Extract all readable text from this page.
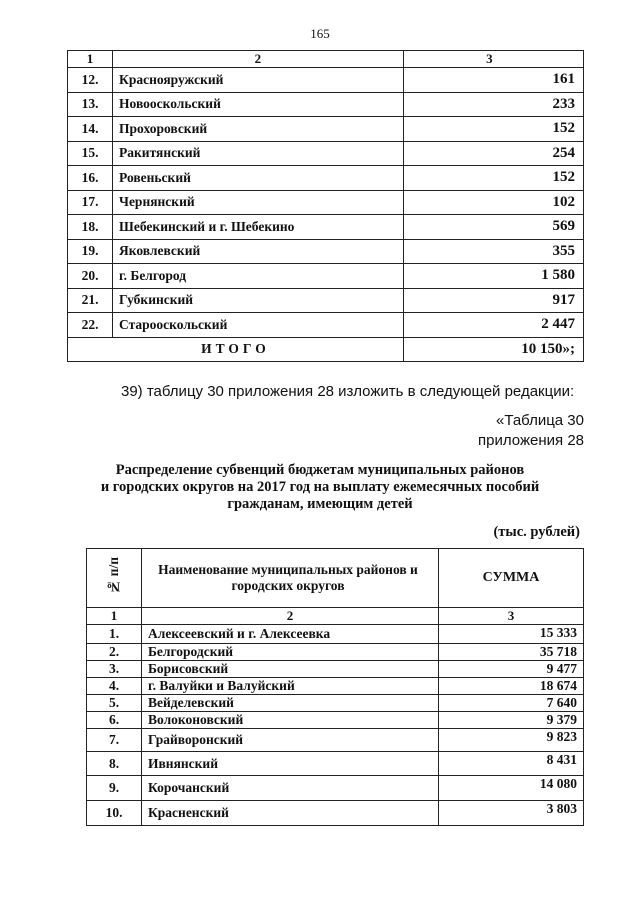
165
1	2	3
12.	Краснояружский	161
13.	Новооскольский	233
14.	Прохоровский	152
15.	Ракитянский	254
16.	Ровеньский	152
17.	Чернянский	102
18.	Шебекинский и г. Шебекино	569
19.	Яковлевский	355
20.	г. Белгород	1 580
21.	Губкинский	917
22.	Старооскольский	2 447
ИТОГО		10 150»;
39) таблицу 30 приложения 28 изложить в следующей редакции:
«Таблица 30
приложения 28
Распределение субвенций бюджетам муниципальных районов
и городских округов на 2017 год на выплату ежемесячных пособий
гражданам, имеющим детей
(тыс. рублей)
№ п/п	Наименование муниципальных районов и городских округов	СУММА
1	2	3
1.	Алексеевский и г. Алексеевка	15 333
2.	Белгородский	35 718
3.	Борисовский	9 477
4.	г. Валуйки и Валуйский	18 674
5.	Вейделевский	7 640
6.	Волоконовский	9 379
7.	Грайворонский	9 823
8.	Ивнянский	8 431
9.	Корочанский	14 080
10.	Красненский	3 803
